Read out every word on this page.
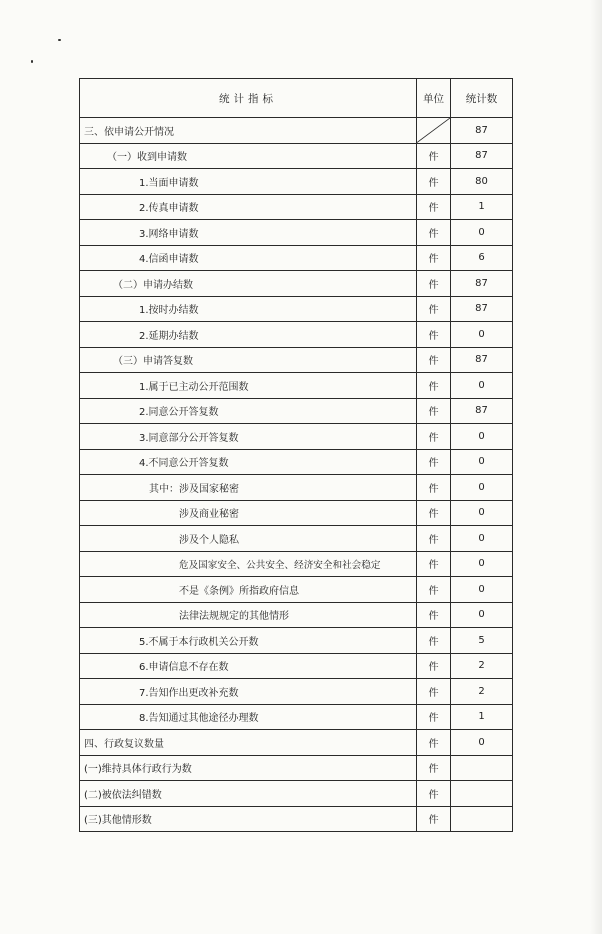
统计指标	单位	统计数
三、依申请公开情况		87
（一）收到申请数	件	87
1.当面申请数	件	80
2.传真申请数	件	1
3.网络申请数	件	0
4.信函申请数	件	6
（二）申请办结数	件	87
1.按时办结数	件	87
2.延期办结数	件	0
（三）申请答复数	件	87
1.属于已主动公开范围数	件	0
2.同意公开答复数	件	87
3.同意部分公开答复数	件	0
4.不同意公开答复数	件	0
其中：涉及国家秘密	件	0
涉及商业秘密	件	0
涉及个人隐私	件	0
危及国家安全、公共安全、经济安全和社会稳定	件	0
不是《条例》所指政府信息	件	0
法律法规规定的其他情形	件	0
5.不属于本行政机关公开数	件	5
6.申请信息不存在数	件	2
7.告知作出更改补充数	件	2
8.告知通过其他途径办理数	件	1
四、行政复议数量	件	0
(一)维持具体行政行为数	件	
(二)被依法纠错数	件	
(三)其他情形数	件	
